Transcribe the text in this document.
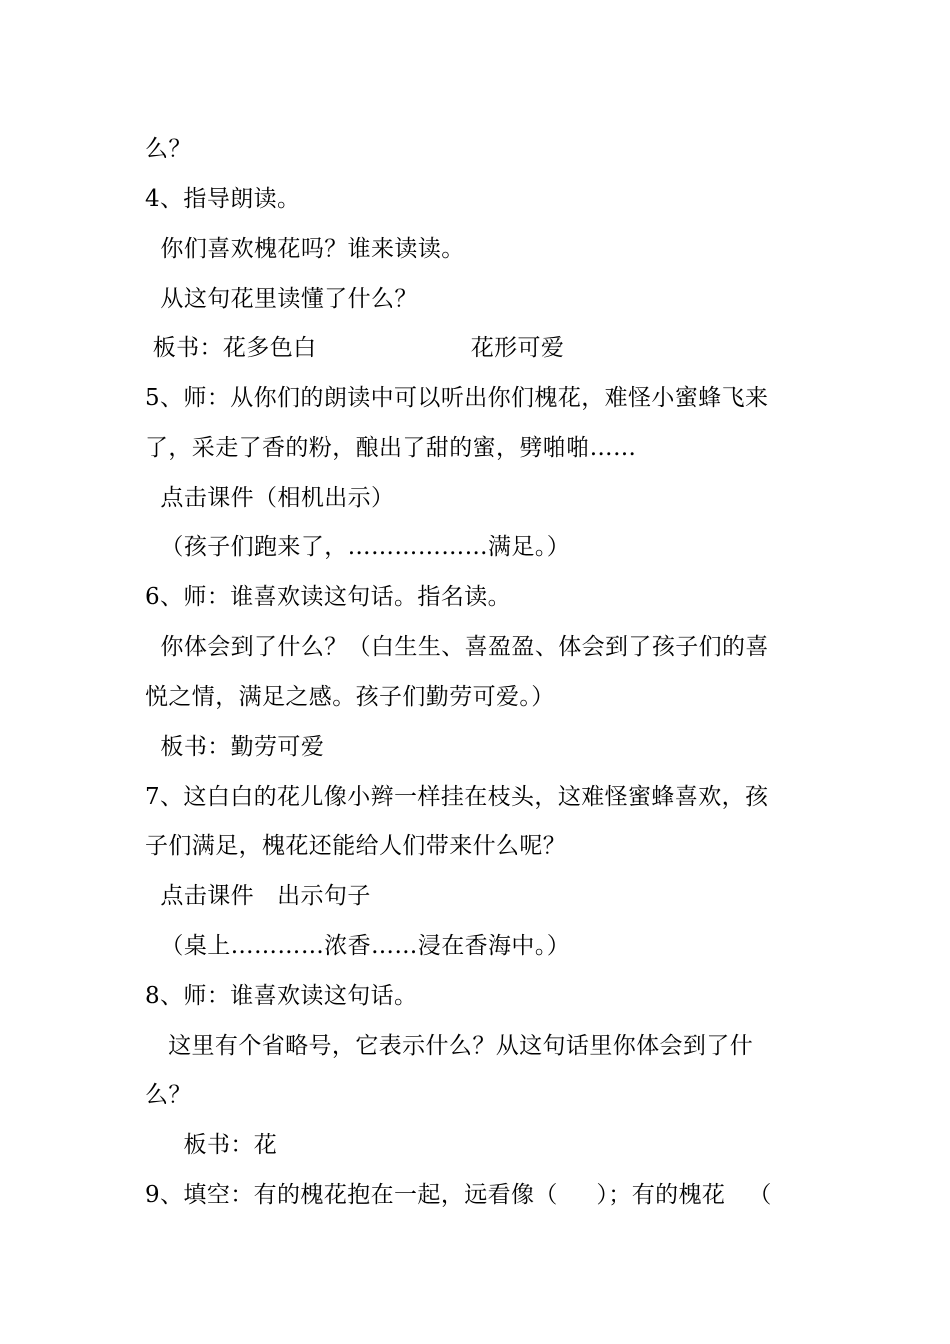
么？
4、指导朗读。
你们喜欢槐花吗？谁来读读。
从这句花里读懂了什么？
板书：花多色白                    花形可爱
5、师：从你们的朗读中可以听出你们槐花，难怪小蜜蜂飞来
了，采走了香的粉，酿出了甜的蜜，劈啪啪……
点击课件（相机出示）
（孩子们跑来了，………………满足。）
6、师：谁喜欢读这句话。指名读。
你体会到了什么？（白生生、喜盈盈、体会到了孩子们的喜
悦之情，满足之感。孩子们勤劳可爱。）
板书：勤劳可爱
7、这白白的花儿像小辫一样挂在枝头，这难怪蜜蜂喜欢，孩
子们满足，槐花还能给人们带来什么呢？
点击课件   出示句子
（桌上…………浓香……浸在香海中。）
8、师：谁喜欢读这句话。
这里有个省略号，它表示什么？从这句话里你体会到了什
么？
板书：花
9、填空：有的槐花抱在一起，远看像（     ）；有的槐花   （
